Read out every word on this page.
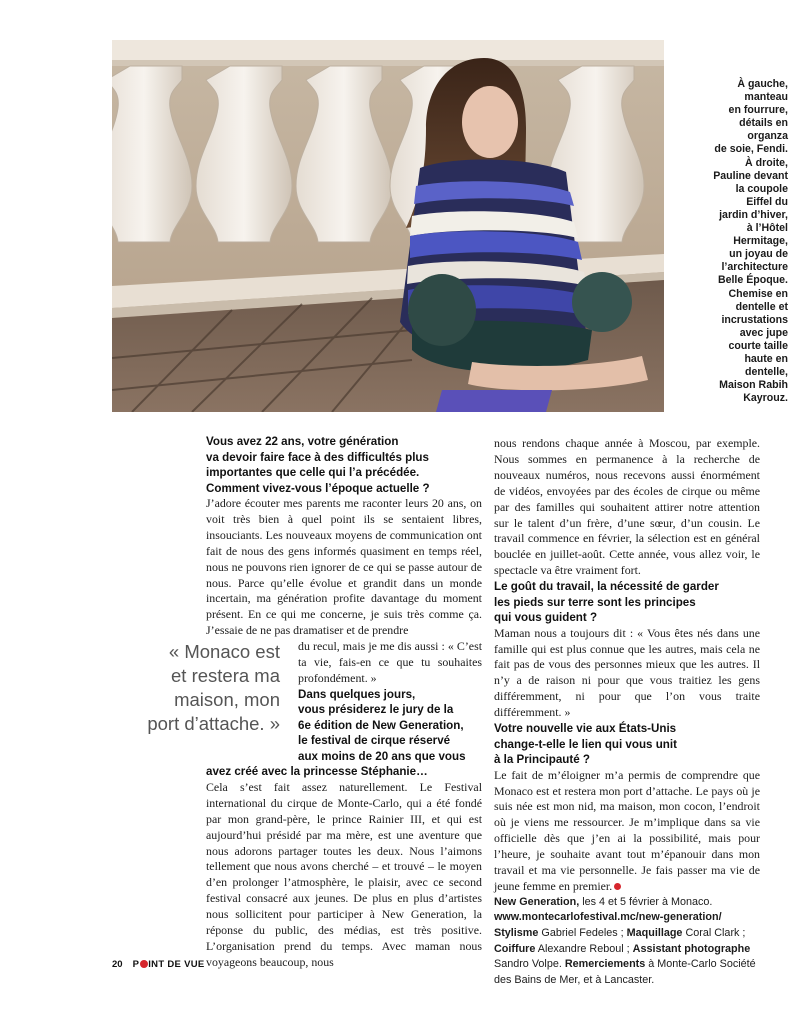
À gauche,
manteau
en fourrure,
détails en
organza
de soie, Fendi.
À droite,
Pauline devant
la coupole
Eiffel du
jardin d’hiver,
à l’Hôtel
Hermitage,
un joyau de
l’architecture
Belle Époque.
Chemise en
dentelle et
incrustations
avec jupe
courte taille
haute en
dentelle,
Maison Rabih
Kayrouz.
« Monaco est
et restera ma
maison, mon
port d’attache. »
Vous avez 22 ans, votre génération
va devoir faire face à des difficultés plus
importantes que celle qui l’a précédée.
Comment vivez-vous l’époque actuelle ?

J’adore écouter mes parents me raconter leurs 20 ans, on voit très bien à quel point ils se sentaient libres, insouciants. Les nouveaux moyens de communication ont fait de nous des gens informés quasiment en temps réel, nous ne pouvons rien ignorer de ce qui se passe autour de nous. Parce qu’elle évolue et grandit dans un monde incertain, ma génération profite davantage du moment présent. En ce qui me concerne, je suis très comme ça. J’essaie de ne pas dramatiser et de prendre

du recul, mais je me dis aussi : « C’est ta vie, fais-en ce que tu souhaites profondément. »

Dans quelques jours,
vous présiderez le jury de la
6e édition de New Generation,
le festival de cirque réservé
aux moins de 20 ans que vous
avez créé avec la princesse Stéphanie…

Cela s’est fait assez naturellement. Le Festival international du cirque de Monte-Carlo, qui a été fondé par mon grand-père, le prince Rainier III, et qui est aujourd’hui présidé par ma mère, est une aventure que nous adorons partager toutes les deux. Nous l’aimons tellement que nous avons cherché – et trouvé – le moyen d’en prolonger l’atmosphère, le plaisir, avec ce second festival consacré aux jeunes. De plus en plus d’artistes nous sollicitent pour participer à New Generation, la réponse du public, des médias, est très positive. L’organisation prend du temps. Avec maman nous voyageons beaucoup, nous

nous rendons chaque année à Moscou, par exemple. Nous sommes en permanence à la recherche de nouveaux numéros, nous recevons aussi énormément de vidéos, envoyées par des écoles de cirque ou même par des familles qui souhaitent attirer notre attention sur le talent d’un frère, d’une sœur, d’un cousin. Le travail commence en février, la sélection est en général bouclée en juillet-août. Cette année, vous allez voir, le spectacle va être vraiment fort.

Le goût du travail, la nécessité de garder
les pieds sur terre sont les principes
qui vous guident ?

Maman nous a toujours dit : « Vous êtes nés dans une famille qui est plus connue que les autres, mais cela ne fait pas de vous des personnes mieux que les autres. Il n’y a de raison ni pour que vous traitiez les gens différemment, ni pour que l’on vous traite différemment. »

Votre nouvelle vie aux États-Unis
change-t-elle le lien qui vous unit
à la Principauté ?

Le fait de m’éloigner m’a permis de comprendre que Monaco est et restera mon port d’attache. Le pays où je suis née est mon nid, ma maison, mon cocon, l’endroit où je viens me ressourcer. Je m’implique dans sa vie officielle dès que j’en ai la possibilité, mais pour l’heure, je souhaite avant tout m’épanouir dans mon travail et ma vie personnelle. Je fais passer ma vie de jeune femme en premier.

New Generation, les 4 et 5 février à Monaco.
www.montecarlofestival.mc/new-generation/
Stylisme Gabriel Fedeles ; Maquillage Coral Clark ; Coiffure Alexandre Reboul ; Assistant photographe Sandro Volpe. Remerciements à Monte-Carlo Société des Bains de Mer, et à Lancaster.
20 P INT DE VUE
